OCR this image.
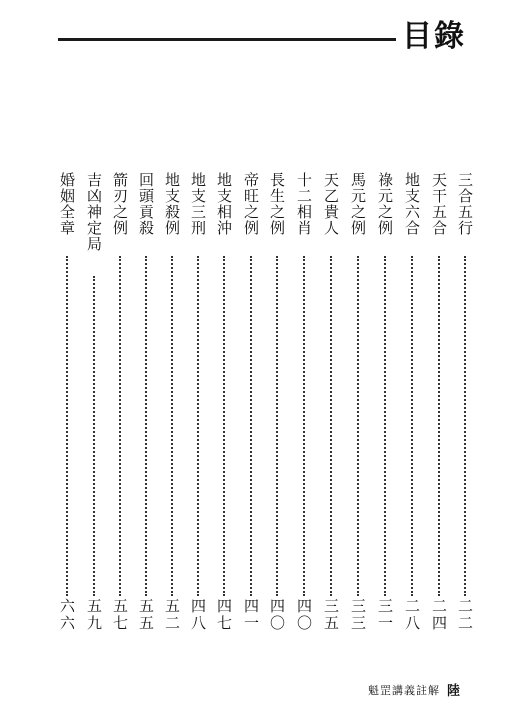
目錄
三合五行
二二
天干五合
二四
地支六合
二八
祿元之例
三一
馬元之例
三三
天乙貴人
三五
十二相肖
四〇
長生之例
四〇
帝旺之例
四一
地支相沖
四七
地支三刑
四八
地支殺例
五二
回頭貢殺
五五
箭刃之例
五七
吉凶神定局
五九
婚姻全章
六六
魁罡講義註解 陸
